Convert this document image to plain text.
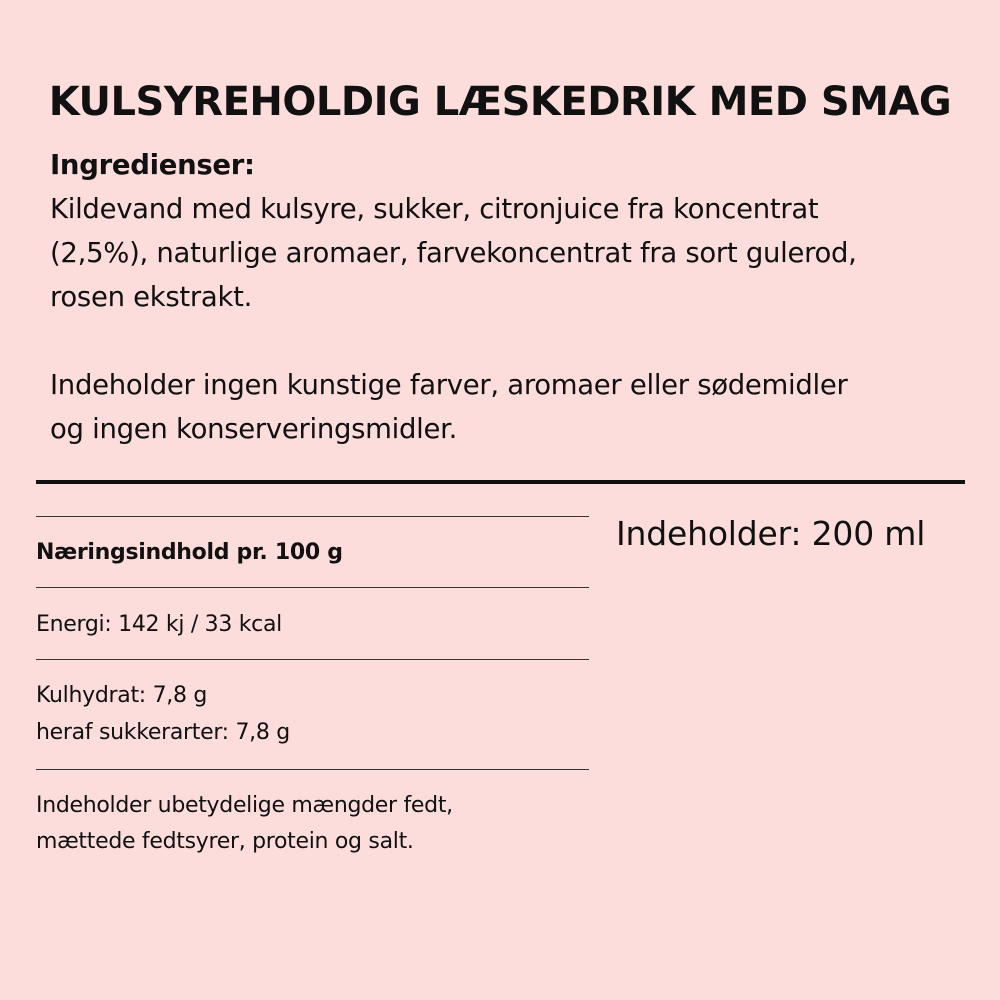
KULSYREHOLDIG LÆSKEDRIK MED SMAG
Ingredienser:

Kildevand med kulsyre, sukker, citronjuice fra koncentrat

(2,5%), naturlige aromaer, farvekoncentrat fra sort gulerod,

rosen ekstrakt.

Indeholder ingen kunstige farver, aromaer eller sødemidler

og ingen konserveringsmidler.

Næringsindhold pr. 100 g

Energi: 142 kj / 33 kcal

Kulhydrat: 7,8 g

heraf sukkerarter: 7,8 g

Indeholder ubetydelige mængder fedt,

mættede fedtsyrer, protein og salt.

Indeholder: 200 ml
